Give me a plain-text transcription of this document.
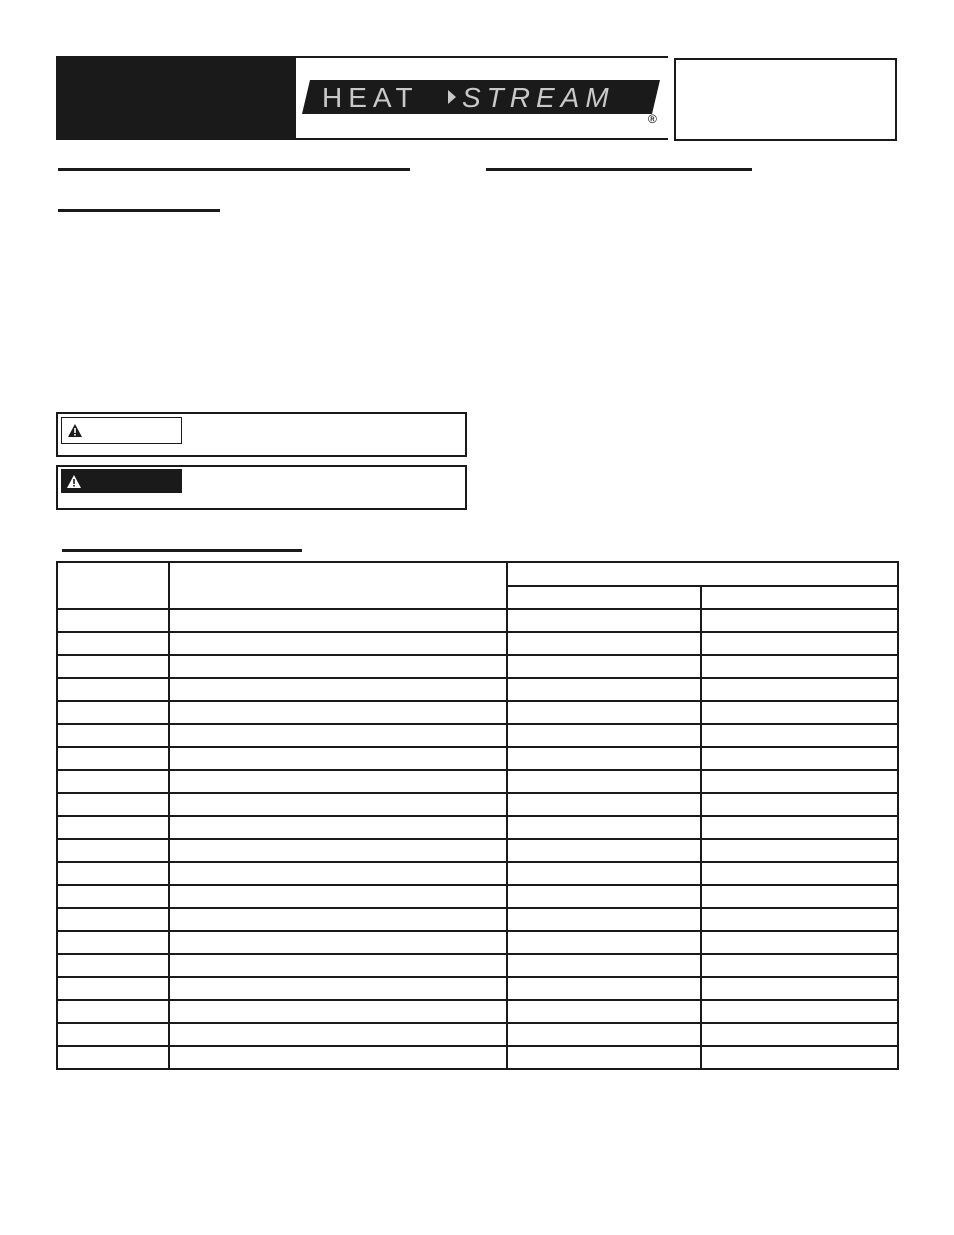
HEAT STREAM
®
